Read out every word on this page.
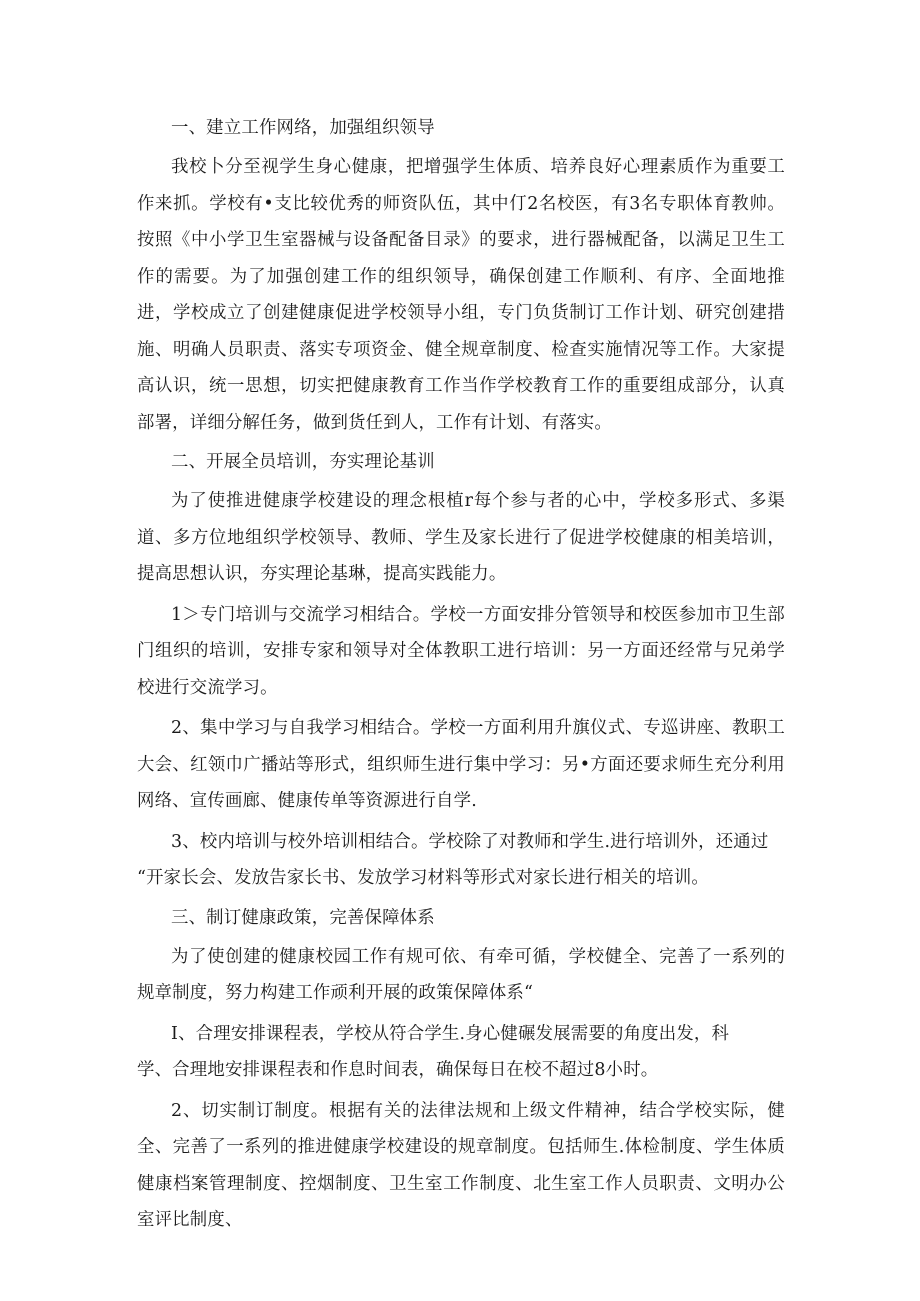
一、建立工作网络，加强组织领导
我校卜分至视学生身心健康，把增强学生体质、培养良好心理素质作为重要工作来抓。学校有•支比较优秀的师资队伍，其中仃2名校医，有3名专职体育教帅。按照《中小学卫生室器械与设备配备目录》的要求，进行器械配备，以满足卫生工作的需要。为了加强创建工作的组织领导，确保创建工作顺利、有序、全面地推进，学校成立了创建健康促进学校领导小组，专门负货制订工作计划、研究创建措施、明确人员职责、落实专项资金、健全规章制度、检查实施情况等工作。大家提高认识，统一思想，切实把健康教育工作当作学校教育工作的重要组成部分，认真部署，详细分解任务，做到货任到人，工作有计划、有落实。
二、开展全员培训，夯实理论基训
为了使推进健康学校建设的理念根植r每个参与者的心中，学校多形式、多渠道、多方位地组织学校领导、教师、学生及家长进行了促进学校健康的相美培训，提高思想认识，夯实理论基琳，提高实践能力。
1＞专门培训与交流学习相结合。学校一方面安排分管领导和校医参加市卫生部门组织的培训，安排专家和领导对全体教职工进行培训：另一方面还经常与兄弟学校进行交流学习。
2、集中学习与自我学习相结合。学校一方面利用升旗仪式、专巡讲座、教职工大会、红领巾广播站等形式，组织师生进行集中学习：另•方面还要求师生充分利用网络、宣传画廊、健康传单等资源进行自学.
3、校内培训与校外培训相结合。学校除了对教师和学生.进行培训外，还通过
“开家长会、发放告家长书、发放学习材料等形式对家长进行相关的培训。
三、制订健康政策，完善保障体系
为了使创建的健康校园工作有规可依、有牵可循，学校健全、完善了一系列的规章制度，努力构建工作顽利开展的政策保障体系“
I、合理安排课程表，学校从符合学生.身心健碾发展需要的角度出发，科
学、合理地安排课程表和作息时间表，确保每日在校不超过8小时。
2、切实制订制度。根据有关的法律法规和上级文件精神，结合学校实际，健全、完善了一系列的推进健康学校建设的规章制度。包括师生.体检制度、学生体质健康档案管理制度、控烟制度、卫生室工作制度、北生室工作人员职责、文明办公室评比制度、
